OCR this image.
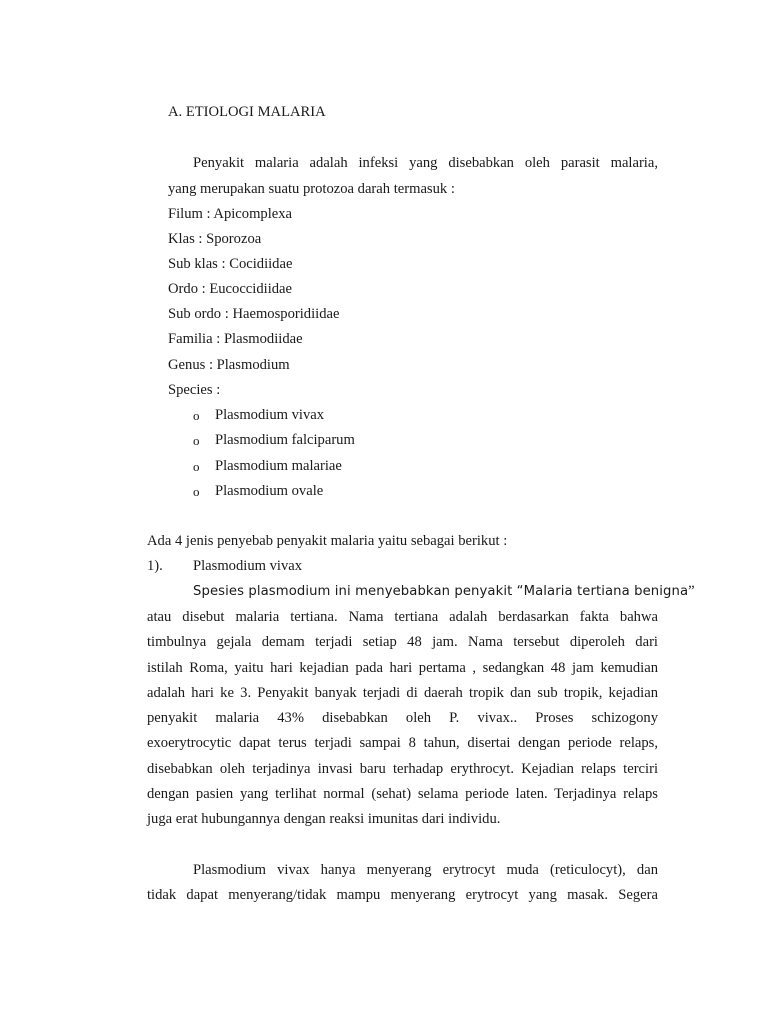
A. ETIOLOGI MALARIA
Penyakit malaria adalah infeksi yang disebabkan oleh parasit malaria,
yang merupakan suatu protozoa darah termasuk :
Filum : Apicomplexa
Klas : Sporozoa
Sub klas : Cocidiidae
Ordo : Eucoccidiidae
Sub ordo : Haemosporidiidae
Familia : Plasmodiidae
Genus : Plasmodium
Species :
o Plasmodium vivax
o Plasmodium falciparum
o Plasmodium malariae
o Plasmodium ovale
Ada 4 jenis penyebab penyakit malaria yaitu sebagai berikut :
1). Plasmodium vivax
Spesies plasmodium ini menyebabkan penyakit “Malaria tertiana benigna”
atau disebut malaria tertiana. Nama tertiana adalah berdasarkan fakta bahwa
timbulnya gejala demam terjadi setiap 48 jam. Nama tersebut diperoleh dari
istilah Roma, yaitu hari kejadian pada hari pertama , sedangkan 48 jam kemudian
adalah hari ke 3. Penyakit banyak terjadi di daerah tropik dan sub tropik, kejadian
penyakit malaria 43% disebabkan oleh P. vivax.. Proses schizogony
exoerytrocytic dapat terus terjadi sampai 8 tahun, disertai dengan periode relaps,
disebabkan oleh terjadinya invasi baru terhadap erythrocyt. Kejadian relaps terciri
dengan pasien yang terlihat normal (sehat) selama periode laten. Terjadinya relaps
juga erat hubungannya dengan reaksi imunitas dari individu.
Plasmodium vivax hanya menyerang erytrocyt muda (reticulocyt), dan
tidak dapat menyerang/tidak mampu menyerang erytrocyt yang masak. Segera
